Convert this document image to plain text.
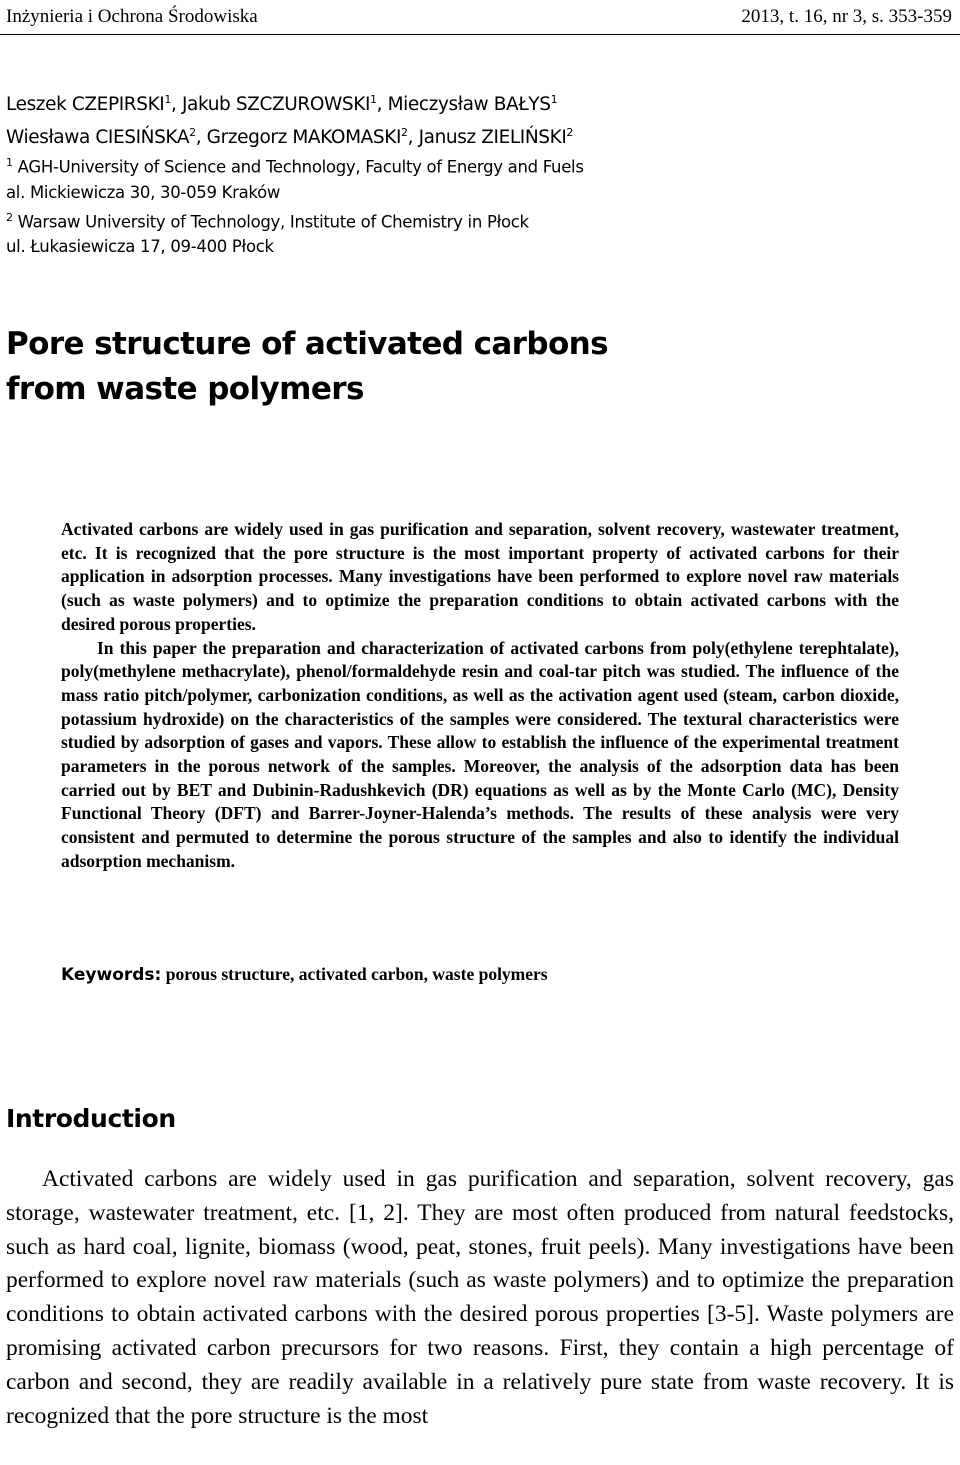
Inżynieria i Ochrona Środowiska	2013, t. 16, nr 3, s. 353-359
Leszek CZEPIRSKI$^1$, Jakub SZCZUROWSKI$^1$, Mieczysław BAŁYS$^1$
Wiesława CIESIŃSKA$^2$, Grzegorz MAKOMASKI$^2$, Janusz ZIELIŃSKI$^2$
$^1$ AGH-University of Science and Technology, Faculty of Energy and Fuels
al. Mickiewicza 30, 30-059 Kraków
$^2$ Warsaw University of Technology, Institute of Chemistry in Płock
ul. Łukasiewicza 17, 09-400 Płock
Pore structure of activated carbons
from waste polymers

Activated carbons are widely used in gas purification and separation, solvent recovery, wastewater treatment, etc. It is recognized that the pore structure is the most important property of activated carbons for their application in adsorption processes. Many investigations have been performed to explore novel raw materials (such as waste polymers) and to optimize the preparation conditions to obtain activated carbons with the desired porous properties.

In this paper the preparation and characterization of activated carbons from poly(ethylene terephtalate), poly(methylene methacrylate), phenol/formaldehyde resin and coal-tar pitch was studied. The influence of the mass ratio pitch/polymer, carbonization conditions, as well as the activation agent used (steam, carbon dioxide, potassium hydroxide) on the characteristics of the samples were considered. The textural characteristics were studied by adsorption of gases and vapors. These allow to establish the influence of the experimental treatment parameters in the porous network of the samples. Moreover, the analysis of the adsorption data has been carried out by BET and Dubinin-Radushkevich (DR) equations as well as by the Monte Carlo (MC), Density Functional Theory (DFT) and Barrer-Joyner-Halenda’s methods. The results of these analysis were very consistent and permuted to determine the porous structure of the samples and also to identify the individual adsorption mechanism.

Keywords: porous structure, activated carbon, waste polymers
Introduction

Activated carbons are widely used in gas purification and separation, solvent recovery, gas storage, wastewater treatment, etc. [1, 2]. They are most often produced from natural feedstocks, such as hard coal, lignite, biomass (wood, peat, stones, fruit peels). Many investigations have been performed to explore novel raw materials (such as waste polymers) and to optimize the preparation conditions to obtain activated carbons with the desired porous properties [3-5]. Waste polymers are promising activated carbon precursors for two reasons. First, they contain a high percentage of carbon and second, they are readily available in a relatively pure state from waste recovery. It is recognized that the pore structure is the most
